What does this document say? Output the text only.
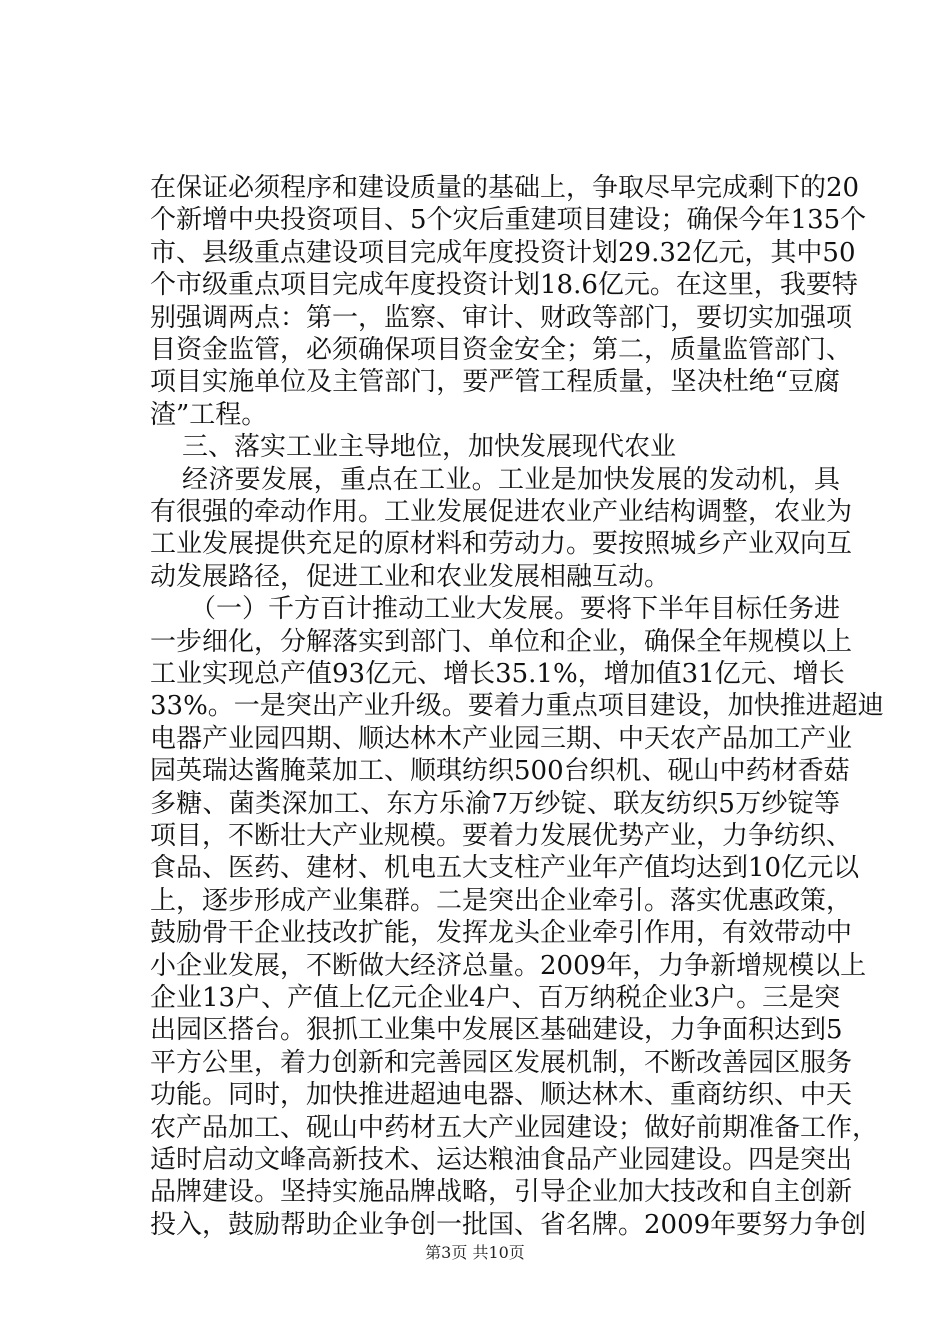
在保证必须程序和建设质量的基础上，争取尽早完成剩下的20
个新增中央投资项目、5个灾后重建项目建设；确保今年135个
市、县级重点建设项目完成年度投资计划29.32亿元，其中50
个市级重点项目完成年度投资计划18.6亿元。在这里，我要特
别强调两点：第一，监察、审计、财政等部门，要切实加强项
目资金监管，必须确保项目资金安全；第二，质量监管部门、
项目实施单位及主管部门，要严管工程质量，坚决杜绝“豆腐
渣”工程。
三、落实工业主导地位，加快发展现代农业
经济要发展，重点在工业。工业是加快发展的发动机，具
有很强的牵动作用。工业发展促进农业产业结构调整，农业为
工业发展提供充足的原材料和劳动力。要按照城乡产业双向互
动发展路径，促进工业和农业发展相融互动。
（一）千方百计推动工业大发展。要将下半年目标任务进
一步细化，分解落实到部门、单位和企业，确保全年规模以上
工业实现总产值93亿元、增长35.1%，增加值31亿元、增长
33%。一是突出产业升级。要着力重点项目建设，加快推进超迪
电器产业园四期、顺达林木产业园三期、中天农产品加工产业
园英瑞达酱腌菜加工、顺琪纺织500台织机、砚山中药材香菇
多糖、菌类深加工、东方乐渝7万纱锭、联友纺织5万纱锭等
项目，不断壮大产业规模。要着力发展优势产业，力争纺织、
食品、医药、建材、机电五大支柱产业年产值均达到10亿元以
上，逐步形成产业集群。二是突出企业牵引。落实优惠政策，
鼓励骨干企业技改扩能，发挥龙头企业牵引作用，有效带动中
小企业发展，不断做大经济总量。2009年，力争新增规模以上
企业13户、产值上亿元企业4户、百万纳税企业3户。三是突
出园区搭台。狠抓工业集中发展区基础建设，力争面积达到5
平方公里，着力创新和完善园区发展机制，不断改善园区服务
功能。同时，加快推进超迪电器、顺达林木、重商纺织、中天
农产品加工、砚山中药材五大产业园建设；做好前期准备工作，
适时启动文峰高新技术、运达粮油食品产业园建设。四是突出
品牌建设。坚持实施品牌战略，引导企业加大技改和自主创新
投入，鼓励帮助企业争创一批国、省名牌。2009年要努力争创
第3页 共10页
